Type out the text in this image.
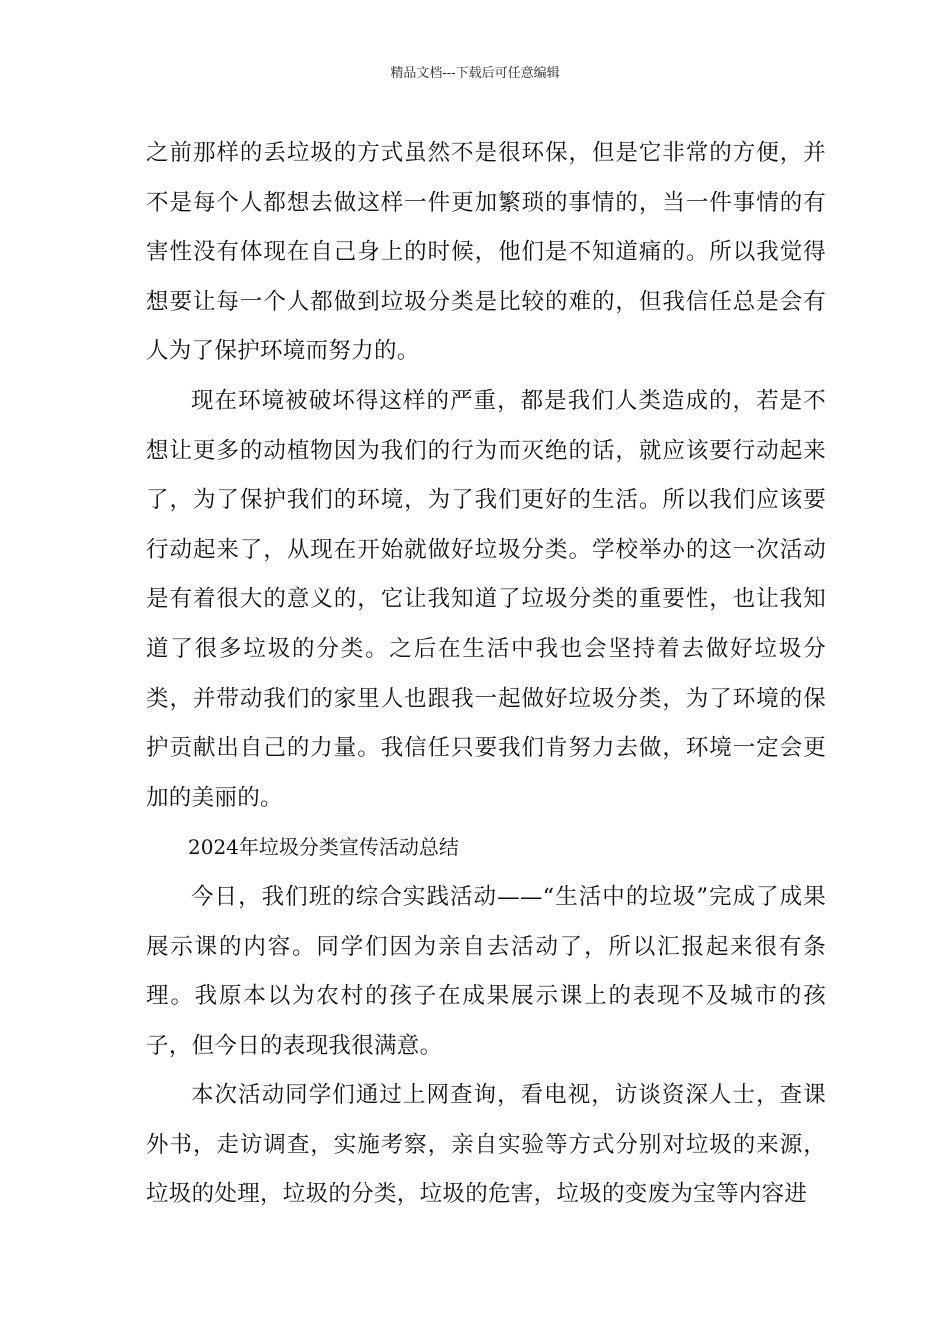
精品文档---下载后可任意编辑

之前那样的丢垃圾的方式虽然不是很环保，但是它非常的方便，并不是每个人都想去做这样一件更加繁琐的事情的，当一件事情的有害性没有体现在自己身上的时候，他们是不知道痛的。所以我觉得想要让每一个人都做到垃圾分类是比较的难的，但我信任总是会有人为了保护环境而努力的。

现在环境被破坏得这样的严重，都是我们人类造成的，若是不想让更多的动植物因为我们的行为而灭绝的话，就应该要行动起来了，为了保护我们的环境，为了我们更好的生活。所以我们应该要行动起来了，从现在开始就做好垃圾分类。学校举办的这一次活动是有着很大的意义的，它让我知道了垃圾分类的重要性，也让我知道了很多垃圾的分类。之后在生活中我也会坚持着去做好垃圾分类，并带动我们的家里人也跟我一起做好垃圾分类，为了环境的保护贡献出自己的力量。我信任只要我们肯努力去做，环境一定会更加的美丽的。

2024年垃圾分类宣传活动总结

今日，我们班的综合实践活动——“生活中的垃圾”完成了成果展示课的内容。同学们因为亲自去活动了，所以汇报起来很有条理。我原本以为农村的孩子在成果展示课上的表现不及城市的孩子，但今日的表现我很满意。

本次活动同学们通过上网查询，看电视，访谈资深人士，查课外书，走访调查，实施考察，亲自实验等方式分别对垃圾的来源，垃圾的处理，垃圾的分类，垃圾的危害，垃圾的变废为宝等内容进
